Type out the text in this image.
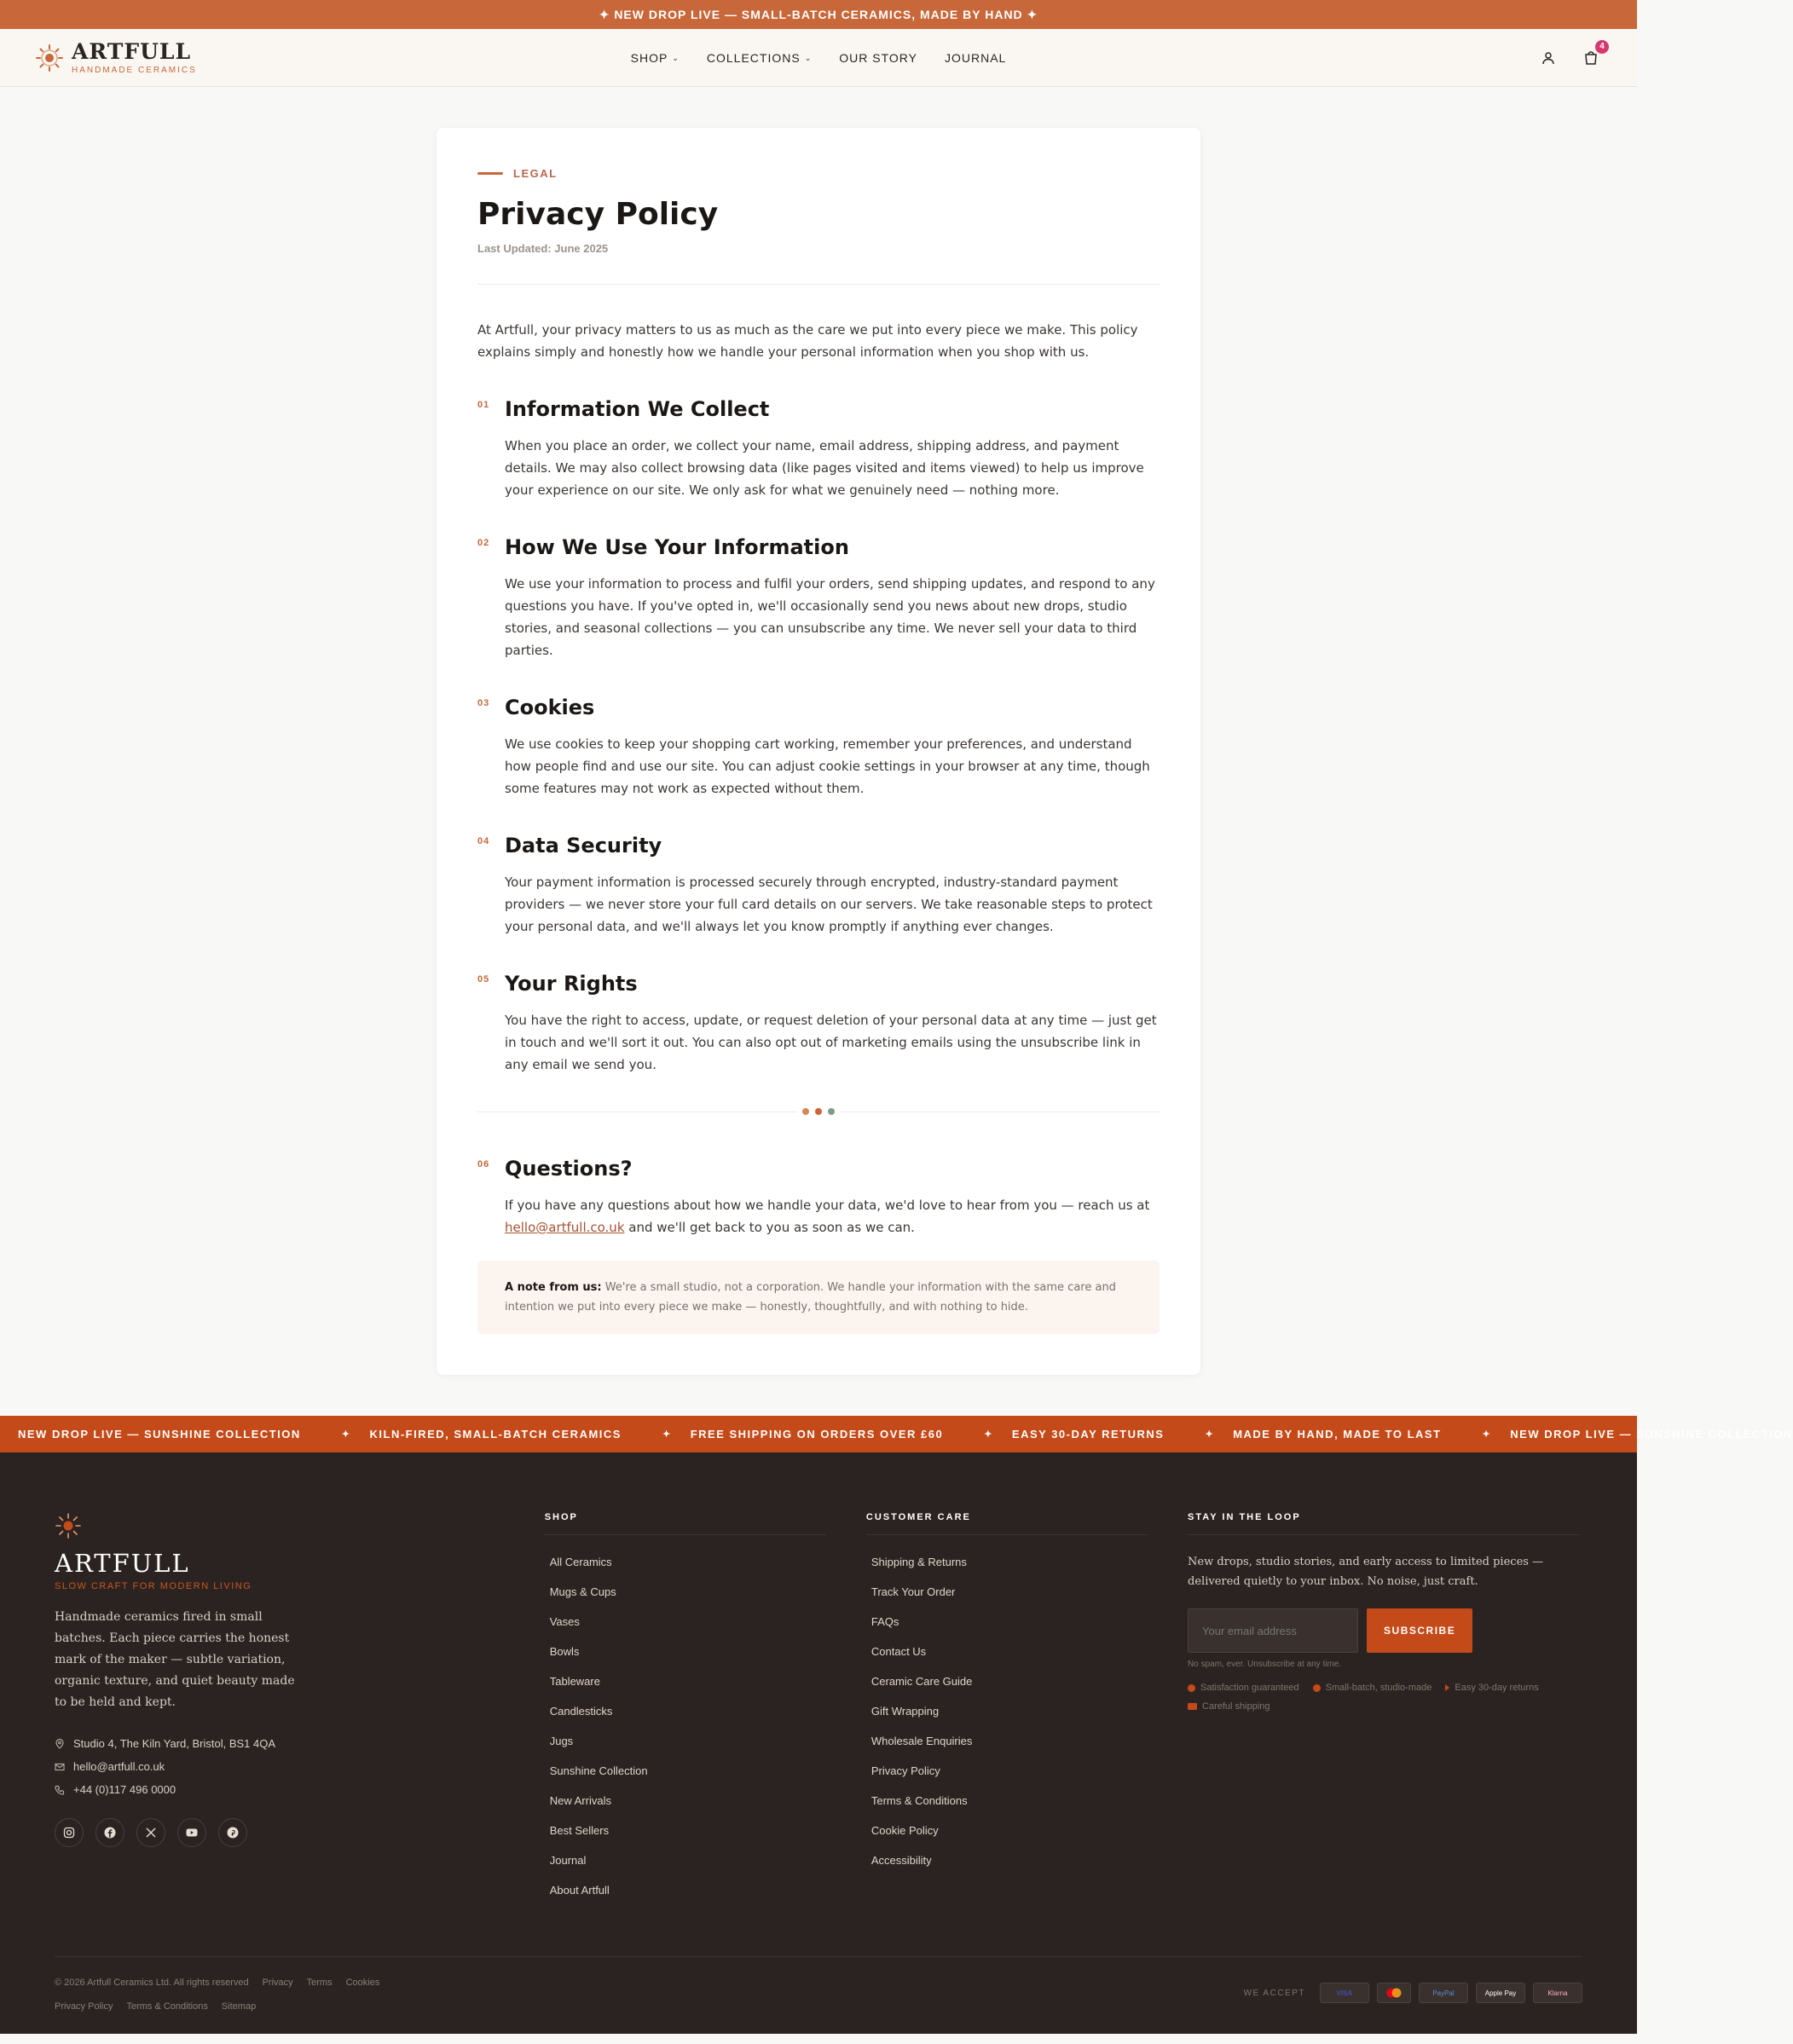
✦ NEW DROP LIVE — SMALL-BATCH CERAMICS, MADE BY HAND ✦
ARTFULL
HANDMADE CERAMICS
SHOP ⌄ COLLECTIONS ⌄ OUR STORY JOURNAL
4
LEGAL
Privacy Policy
Last Updated: June 2025

At Artfull, your privacy matters to us as much as the care we put into every piece we make. This policy explains simply and honestly how we handle your personal information when you shop with us.

01 Information We Collect

When you place an order, we collect your name, email address, shipping address, and payment details. We may also collect browsing data (like pages visited and items viewed) to help us improve your experience on our site. We only ask for what we genuinely need — nothing more.

02 How We Use Your Information

We use your information to process and fulfil your orders, send shipping updates, and respond to any questions you have. If you've opted in, we'll occasionally send you news about new drops, studio stories, and seasonal collections — you can unsubscribe any time. We never sell your data to third parties.

03 Cookies

We use cookies to keep your shopping cart working, remember your preferences, and understand how people find and use our site. You can adjust cookie settings in your browser at any time, though some features may not work as expected without them.

04 Data Security

Your payment information is processed securely through encrypted, industry-standard payment providers — we never store your full card details on our servers. We take reasonable steps to protect your personal data, and we'll always let you know promptly if anything ever changes.

05 Your Rights

You have the right to access, update, or request deletion of your personal data at any time — just get in touch and we'll sort it out. You can also opt out of marketing emails using the unsubscribe link in any email we send you.

06 Questions?

If you have any questions about how we handle your data, we'd love to hear from you — reach us at hello@artfull.co.uk and we'll get back to you as soon as we can.

A note from us: We're a small studio, not a corporation. We handle your information with the same care and intention we put into every piece we make — honestly, thoughtfully, and with nothing to hide.
NEW DROP LIVE — SUNSHINE COLLECTION	✦ KILN-FIRED, SMALL-BATCH CERAMICS	✦ FREE SHIPPING ON ORDERS OVER £60	✦ EASY 30-DAY RETURNS	✦ MADE BY HAND, MADE TO LAST	✦ NEW DROP LIVE — SUNSHINE COLLECTION
ARTFULL
SLOW CRAFT FOR MODERN LIVING

Handmade ceramics fired in small batches. Each piece carries the honest mark of the maker — subtle variation, organic texture, and quiet beauty made to be held and kept.

Studio 4, The Kiln Yard, Bristol, BS1 4QA
hello@artfull.co.uk
+44 (0)117 496 0000
SHOP
All Ceramics
Mugs & Cups
Vases
Bowls
Tableware
Candlesticks
Jugs
Sunshine Collection
New Arrivals
Best Sellers
Journal
About Artfull
CUSTOMER CARE
Shipping & Returns
Track Your Order
FAQs
Contact Us
Ceramic Care Guide
Gift Wrapping
Wholesale Enquiries
Privacy Policy
Terms & Conditions
Cookie Policy
Accessibility
STAY IN THE LOOP

New drops, studio stories, and early access to limited pieces — delivered quietly to your inbox. No noise, just craft.

Your email address
SUBSCRIBE
No spam, ever. Unsubscribe at any time.
Satisfaction guaranteed	Small-batch, studio-made Easy 30-day returns
Careful shipping
© 2026 Artfull Ceramics Ltd. All rights reserved Privacy Terms Cookies
Privacy Policy Terms & Conditions Sitemap
WE ACCEPT	VISA	PayPal	Apple Pay	Klarna
